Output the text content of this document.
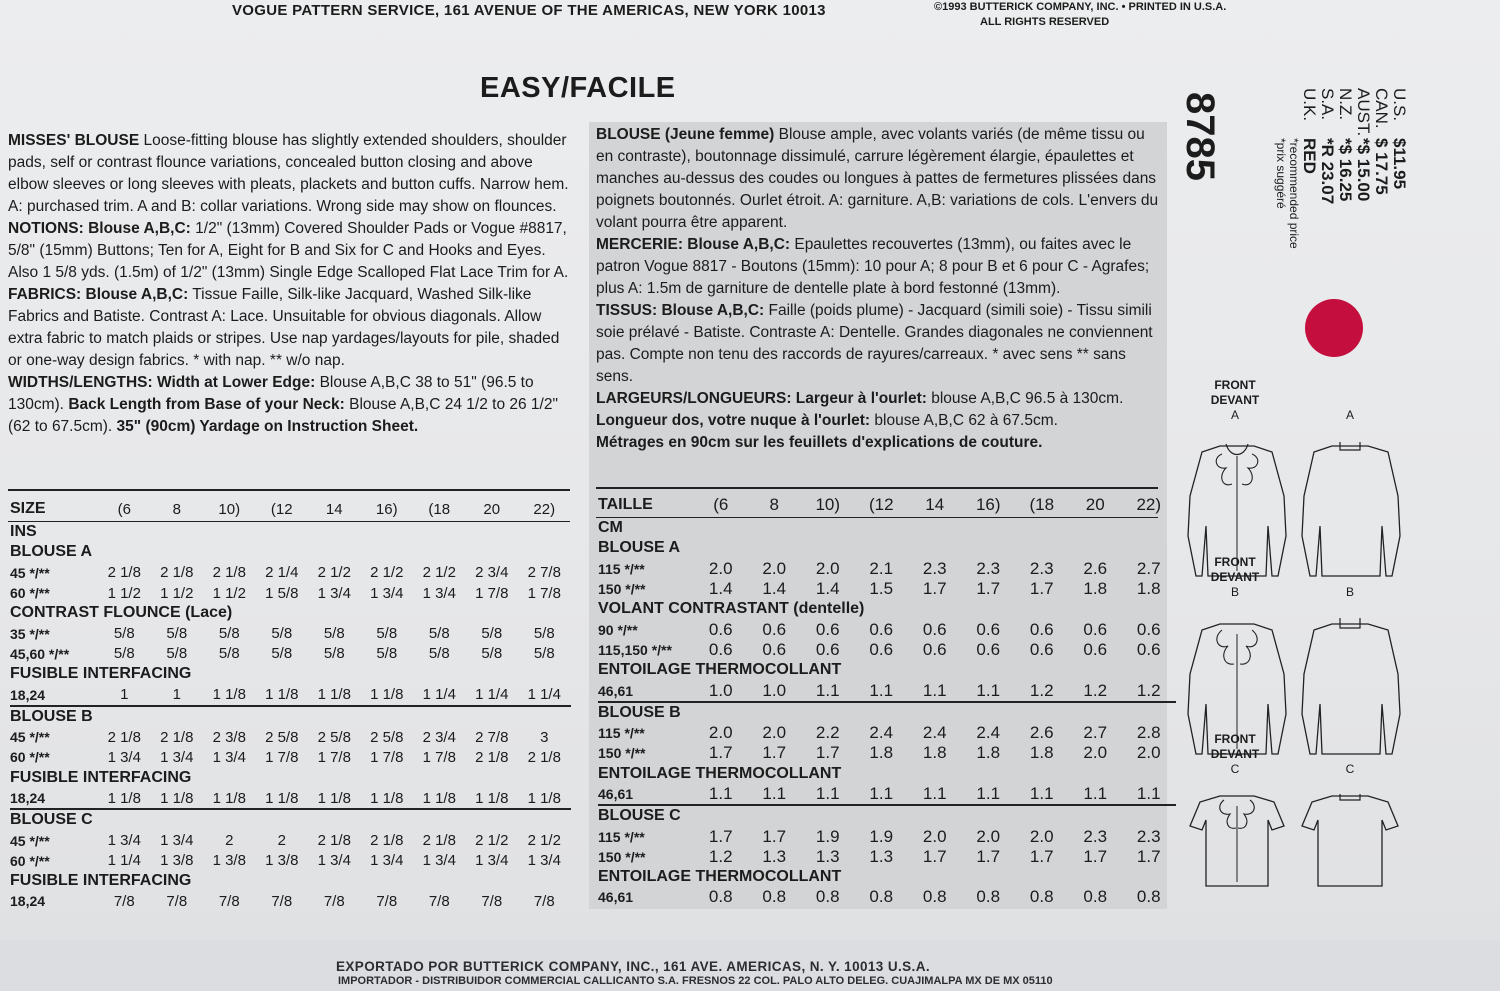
VOGUE PATTERN SERVICE, 161 AVENUE OF THE AMERICAS, NEW YORK 10013	©1993 BUTTERICK COMPANY, INC. • PRINTED IN U.S.A.
ALL RIGHTS RESERVED
EASY/FACILE

MISSES' BLOUSE Loose-fitting blouse has slightly extended shoulders, shoulder pads, self or contrast flounce variations, concealed button closing and above elbow sleeves or long sleeves with pleats, plackets and button cuffs. Narrow hem. A: purchased trim. A and B: collar variations. Wrong side may show on flounces.

NOTIONS: Blouse A,B,C: 1/2" (13mm) Covered Shoulder Pads or Vogue #8817, 5/8" (15mm) Buttons; Ten for A, Eight for B and Six for C and Hooks and Eyes. Also 1 5/8 yds. (1.5m) of 1/2" (13mm) Single Edge Scalloped Flat Lace Trim for A.

FABRICS: Blouse A,B,C: Tissue Faille, Silk-like Jacquard, Washed Silk-like Fabrics and Batiste. Contrast A: Lace. Unsuitable for obvious diagonals. Allow extra fabric to match plaids or stripes. Use nap yardages/layouts for pile, shaded or one-way design fabrics. * with nap. ** w/o nap.

WIDTHS/LENGTHS: Width at Lower Edge: Blouse A,B,C 38 to 51" (96.5 to 130cm). Back Length from Base of your Neck: Blouse A,B,C 24 1/2 to 26 1/2" (62 to 67.5cm). 35" (90cm) Yardage on Instruction Sheet.

BLOUSE (Jeune femme) Blouse ample, avec volants variés (de même tissu ou en contraste), boutonnage dissimulé, carrure légèrement élargie, épaulettes et manches au-dessus des coudes ou longues à pattes de fermetures plissées dans poignets boutonnés. Ourlet étroit. A: garniture. A,B: variations de cols. L'envers du volant pourra être apparent.

MERCERIE: Blouse A,B,C: Epaulettes recouvertes (13mm), ou faites avec le patron Vogue 8817 - Boutons (15mm): 10 pour A; 8 pour B et 6 pour C - Agrafes; plus A: 1.5m de garniture de dentelle plate à bord festonné (13mm).

TISSUS: Blouse A,B,C: Faille (poids plume) - Jacquard (simili soie) - Tissu simili soie prélavé - Batiste. Contraste A: Dentelle. Grandes diagonales ne conviennent pas. Compte non tenu des raccords de rayures/carreaux. * avec sens ** sans sens.

LARGEURS/LONGUEURS: Largeur à l'ourlet: blouse A,B,C 96.5 à 130cm.

Longueur dos, votre nuque à l'ourlet: blouse A,B,C 62 à 67.5cm.

Métrages en 90cm sur les feuillets d'explications de couture.

SIZE	(6	8	10)	(12	14	16)	(18	20	22)
INS									
BLOUSE A									
45 */**	2 1/8	2 1/8	2 1/8	2 1/4	2 1/2	2 1/2	2 1/2	2 3/4	2 7/8
60 */**	1 1/2	1 1/2	1 1/2	1 5/8	1 3/4	1 3/4	1 3/4	1 7/8	1 7/8
CONTRAST FLOUNCE (Lace)									
35 */**	5/8	5/8	5/8	5/8	5/8	5/8	5/8	5/8	5/8
45,60 */**	5/8	5/8	5/8	5/8	5/8	5/8	5/8	5/8	5/8
FUSIBLE INTERFACING									
18,24	1	1	1 1/8	1 1/8	1 1/8	1 1/8	1 1/4	1 1/4	1 1/4
BLOUSE B									
45 */**	2 1/8	2 1/8	2 3/8	2 5/8	2 5/8	2 5/8	2 3/4	2 7/8	3
60 */**	1 3/4	1 3/4	1 3/4	1 7/8	1 7/8	1 7/8	1 7/8	2 1/8	2 1/8
FUSIBLE INTERFACING									
18,24	1 1/8	1 1/8	1 1/8	1 1/8	1 1/8	1 1/8	1 1/8	1 1/8	1 1/8
BLOUSE C									
45 */**	1 3/4	1 3/4	2	2	2 1/8	2 1/8	2 1/8	2 1/2	2 1/2
60 */**	1 1/4	1 3/8	1 3/8	1 3/8	1 3/4	1 3/4	1 3/4	1 3/4	1 3/4
FUSIBLE INTERFACING									
18,24	7/8	7/8	7/8	7/8	7/8	7/8	7/8	7/8	7/8
TAILLE	(6	8	10)	(12	14	16)	(18	20	22)
CM									
BLOUSE A									
115 */**	2.0	2.0	2.0	2.1	2.3	2.3	2.3	2.6	2.7
150 */**	1.4	1.4	1.4	1.5	1.7	1.7	1.7	1.8	1.8
VOLANT CONTRASTANT (dentelle)									
90 */**	0.6	0.6	0.6	0.6	0.6	0.6	0.6	0.6	0.6
115,150 */**	0.6	0.6	0.6	0.6	0.6	0.6	0.6	0.6	0.6
ENTOILAGE THERMOCOLLANT									
46,61	1.0	1.0	1.1	1.1	1.1	1.1	1.2	1.2	1.2
BLOUSE B									
115 */**	2.0	2.0	2.2	2.4	2.4	2.4	2.6	2.7	2.8
150 */**	1.7	1.7	1.7	1.8	1.8	1.8	1.8	2.0	2.0
ENTOILAGE THERMOCOLLANT									
46,61	1.1	1.1	1.1	1.1	1.1	1.1	1.1	1.1	1.1
BLOUSE C									
115 */**	1.7	1.7	1.9	1.9	2.0	2.0	2.0	2.3	2.3
150 */**	1.2	1.3	1.3	1.3	1.7	1.7	1.7	1.7	1.7
ENTOILAGE THERMOCOLLANT									
46,61	0.8	0.8	0.8	0.8	0.8	0.8	0.8	0.8	0.8
8785	U.S.$11.95
CAN.$ 17.75
AUST.*$ 15.00
N.Z.*$ 16.25
S.A.*R 23.07
U.K.RED
*recommended price
*prix suggéré
FRONT
DEVANT
A	A
FRONT
DEVANT
B	B
FRONT
DEVANT
C	C
EXPORTADO POR BUTTERICK COMPANY, INC., 161 AVE. AMERICAS, N. Y. 10013 U.S.A.
IMPORTADOR - DISTRIBUIDOR COMMERCIAL CALLICANTO S.A. FRESNOS 22 COL. PALO ALTO DELEG. CUAJIMALPA MX DE MX 05110
